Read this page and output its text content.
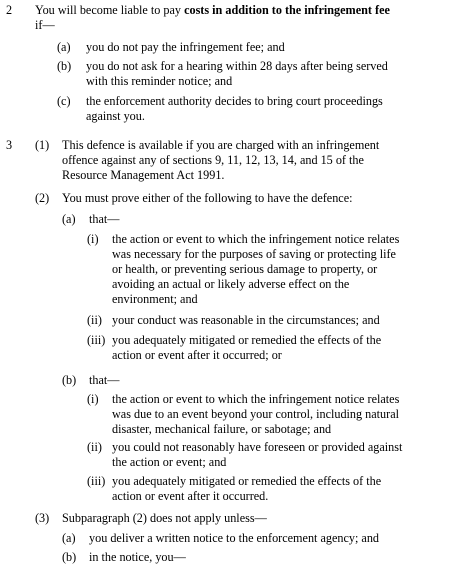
2 You will become liable to pay costs in addition to the infringement fee
if—
(a) you do not pay the infringement fee; and
(b) you do not ask for a hearing within 28 days after being served
with this reminder notice; and
(c) the enforcement authority decides to bring court proceedings
against you.
3 (1) This defence is available if you are charged with an infringement
offence against any of sections 9, 11, 12, 13, 14, and 15 of the
Resource Management Act 1991.
(2) You must prove either of the following to have the defence:
(a) that—
(i) the action or event to which the infringement notice relates
was necessary for the purposes of saving or protecting life
or health, or preventing serious damage to property, or
avoiding an actual or likely adverse effect on the
environment; and
(ii) your conduct was reasonable in the circumstances; and
(iii) you adequately mitigated or remedied the effects of the
action or event after it occurred; or
(b) that—
(i) the action or event to which the infringement notice relates
was due to an event beyond your control, including natural
disaster, mechanical failure, or sabotage; and
(ii) you could not reasonably have foreseen or provided against
the action or event; and
(iii) you adequately mitigated or remedied the effects of the
action or event after it occurred.
(3) Subparagraph (2) does not apply unless—
(a) you deliver a written notice to the enforcement agency; and
(b) in the notice, you—
